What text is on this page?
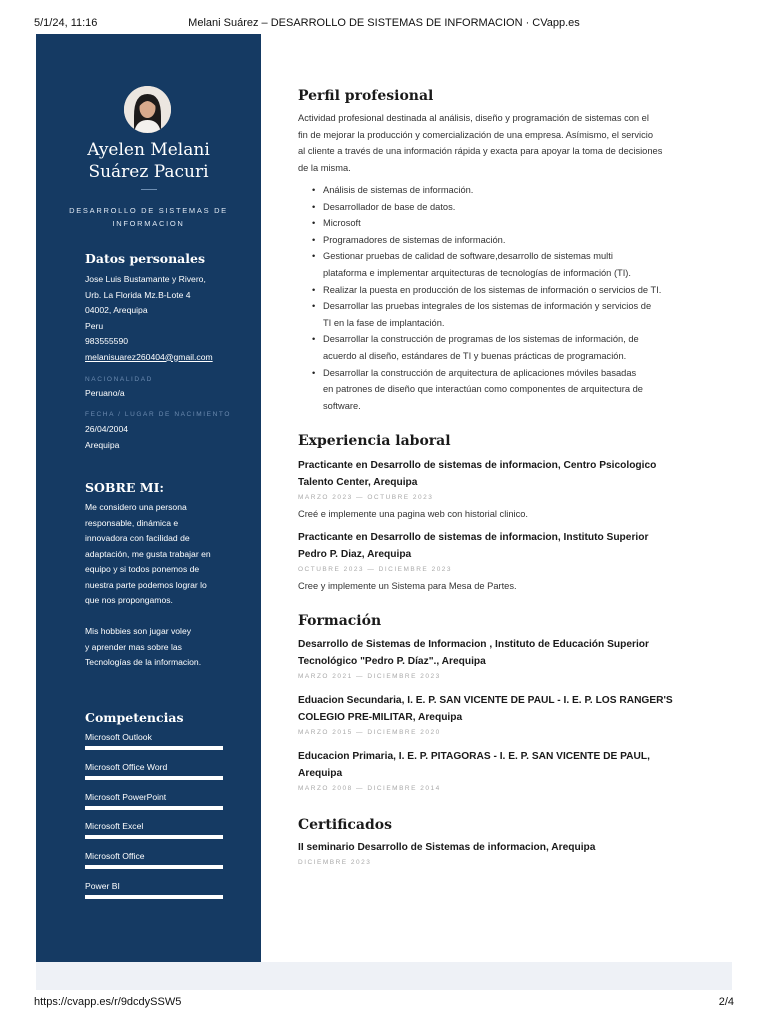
5/1/24, 11:16	Melani Suárez – DESARROLLO DE SISTEMAS DE INFORMACION · CVapp.es
Ayelen Melani
Suárez Pacuri
DESARROLLO DE SISTEMAS DE
INFORMACION
Datos personales
Jose Luis Bustamante y Rivero,
Urb. La Florida Mz.B-Lote 4
04002, Arequipa
Peru
983555590
melanisuarez260404@gmail.com
NACIONALIDAD
Peruano/a
FECHA / LUGAR DE NACIMIENTO
26/04/2004
Arequipa
SOBRE MI:
Me considero una persona
responsable, dinámica e
innovadora con facilidad de
adaptación, me gusta trabajar en
equipo y si todos ponemos de
nuestra parte podemos lograr lo
que nos propongamos.
Mis hobbies son jugar voley
y aprender mas sobre las
Tecnologías de la informacion.
Competencias
Microsoft Outlook
Microsoft Office Word
Microsoft PowerPoint
Microsoft Excel
Microsoft Office
Power BI
Perfil profesional
Actividad profesional destinada al análisis, diseño y programación de sistemas con el
fin de mejorar la producción y comercialización de una empresa. Asímismo, el servicio
al cliente a través de una información rápida y exacta para apoyar la toma de decisiones
de la misma.
• Análisis de sistemas de información.
• Desarrollador de base de datos.
• Microsoft
• Programadores de sistemas de información.
• Gestionar pruebas de calidad de software,desarrollo de sistemas multi
plataforma e implementar arquitecturas de tecnologías de información (TI).
• Realizar la puesta en producción de los sistemas de información o servicios de TI.
• Desarrollar las pruebas integrales de los sistemas de información y servicios de
TI en la fase de implantación.
• Desarrollar la construcción de programas de los sistemas de información, de
acuerdo al diseño, estándares de TI y buenas prácticas de programación.
• Desarrollar la construcción de arquitectura de aplicaciones móviles basadas
en patrones de diseño que interactúan como componentes de arquitectura de
software.
Experiencia laboral
Practicante en Desarrollo de sistemas de informacion, Centro Psicologico
Talento Center, Arequipa
MARZO 2023 — OCTUBRE 2023
Creé e implemente una pagina web con historial clinico.
Practicante en Desarrollo de sistemas de informacion, Instituto Superior
Pedro P. Diaz, Arequipa
OCTUBRE 2023 — DICIEMBRE 2023
Cree y implemente un Sistema para Mesa de Partes.
Formación
Desarrollo de Sistemas de Informacion , Instituto de Educación Superior
Tecnológico "Pedro P. Díaz"., Arequipa
MARZO 2021 — DICIEMBRE 2023
Eduacion Secundaria, I. E. P. SAN VICENTE DE PAUL - I. E. P. LOS RANGER'S
COLEGIO PRE-MILITAR, Arequipa
MARZO 2015 — DICIEMBRE 2020
Educacion Primaria, I. E. P. PITAGORAS - I. E. P. SAN VICENTE DE PAUL,
Arequipa
MARZO 2008 — DICIEMBRE 2014
Certificados
II seminario Desarrollo de Sistemas de informacion, Arequipa
DICIEMBRE 2023
https://cvapp.es/r/9dcdySSW5	2/4
